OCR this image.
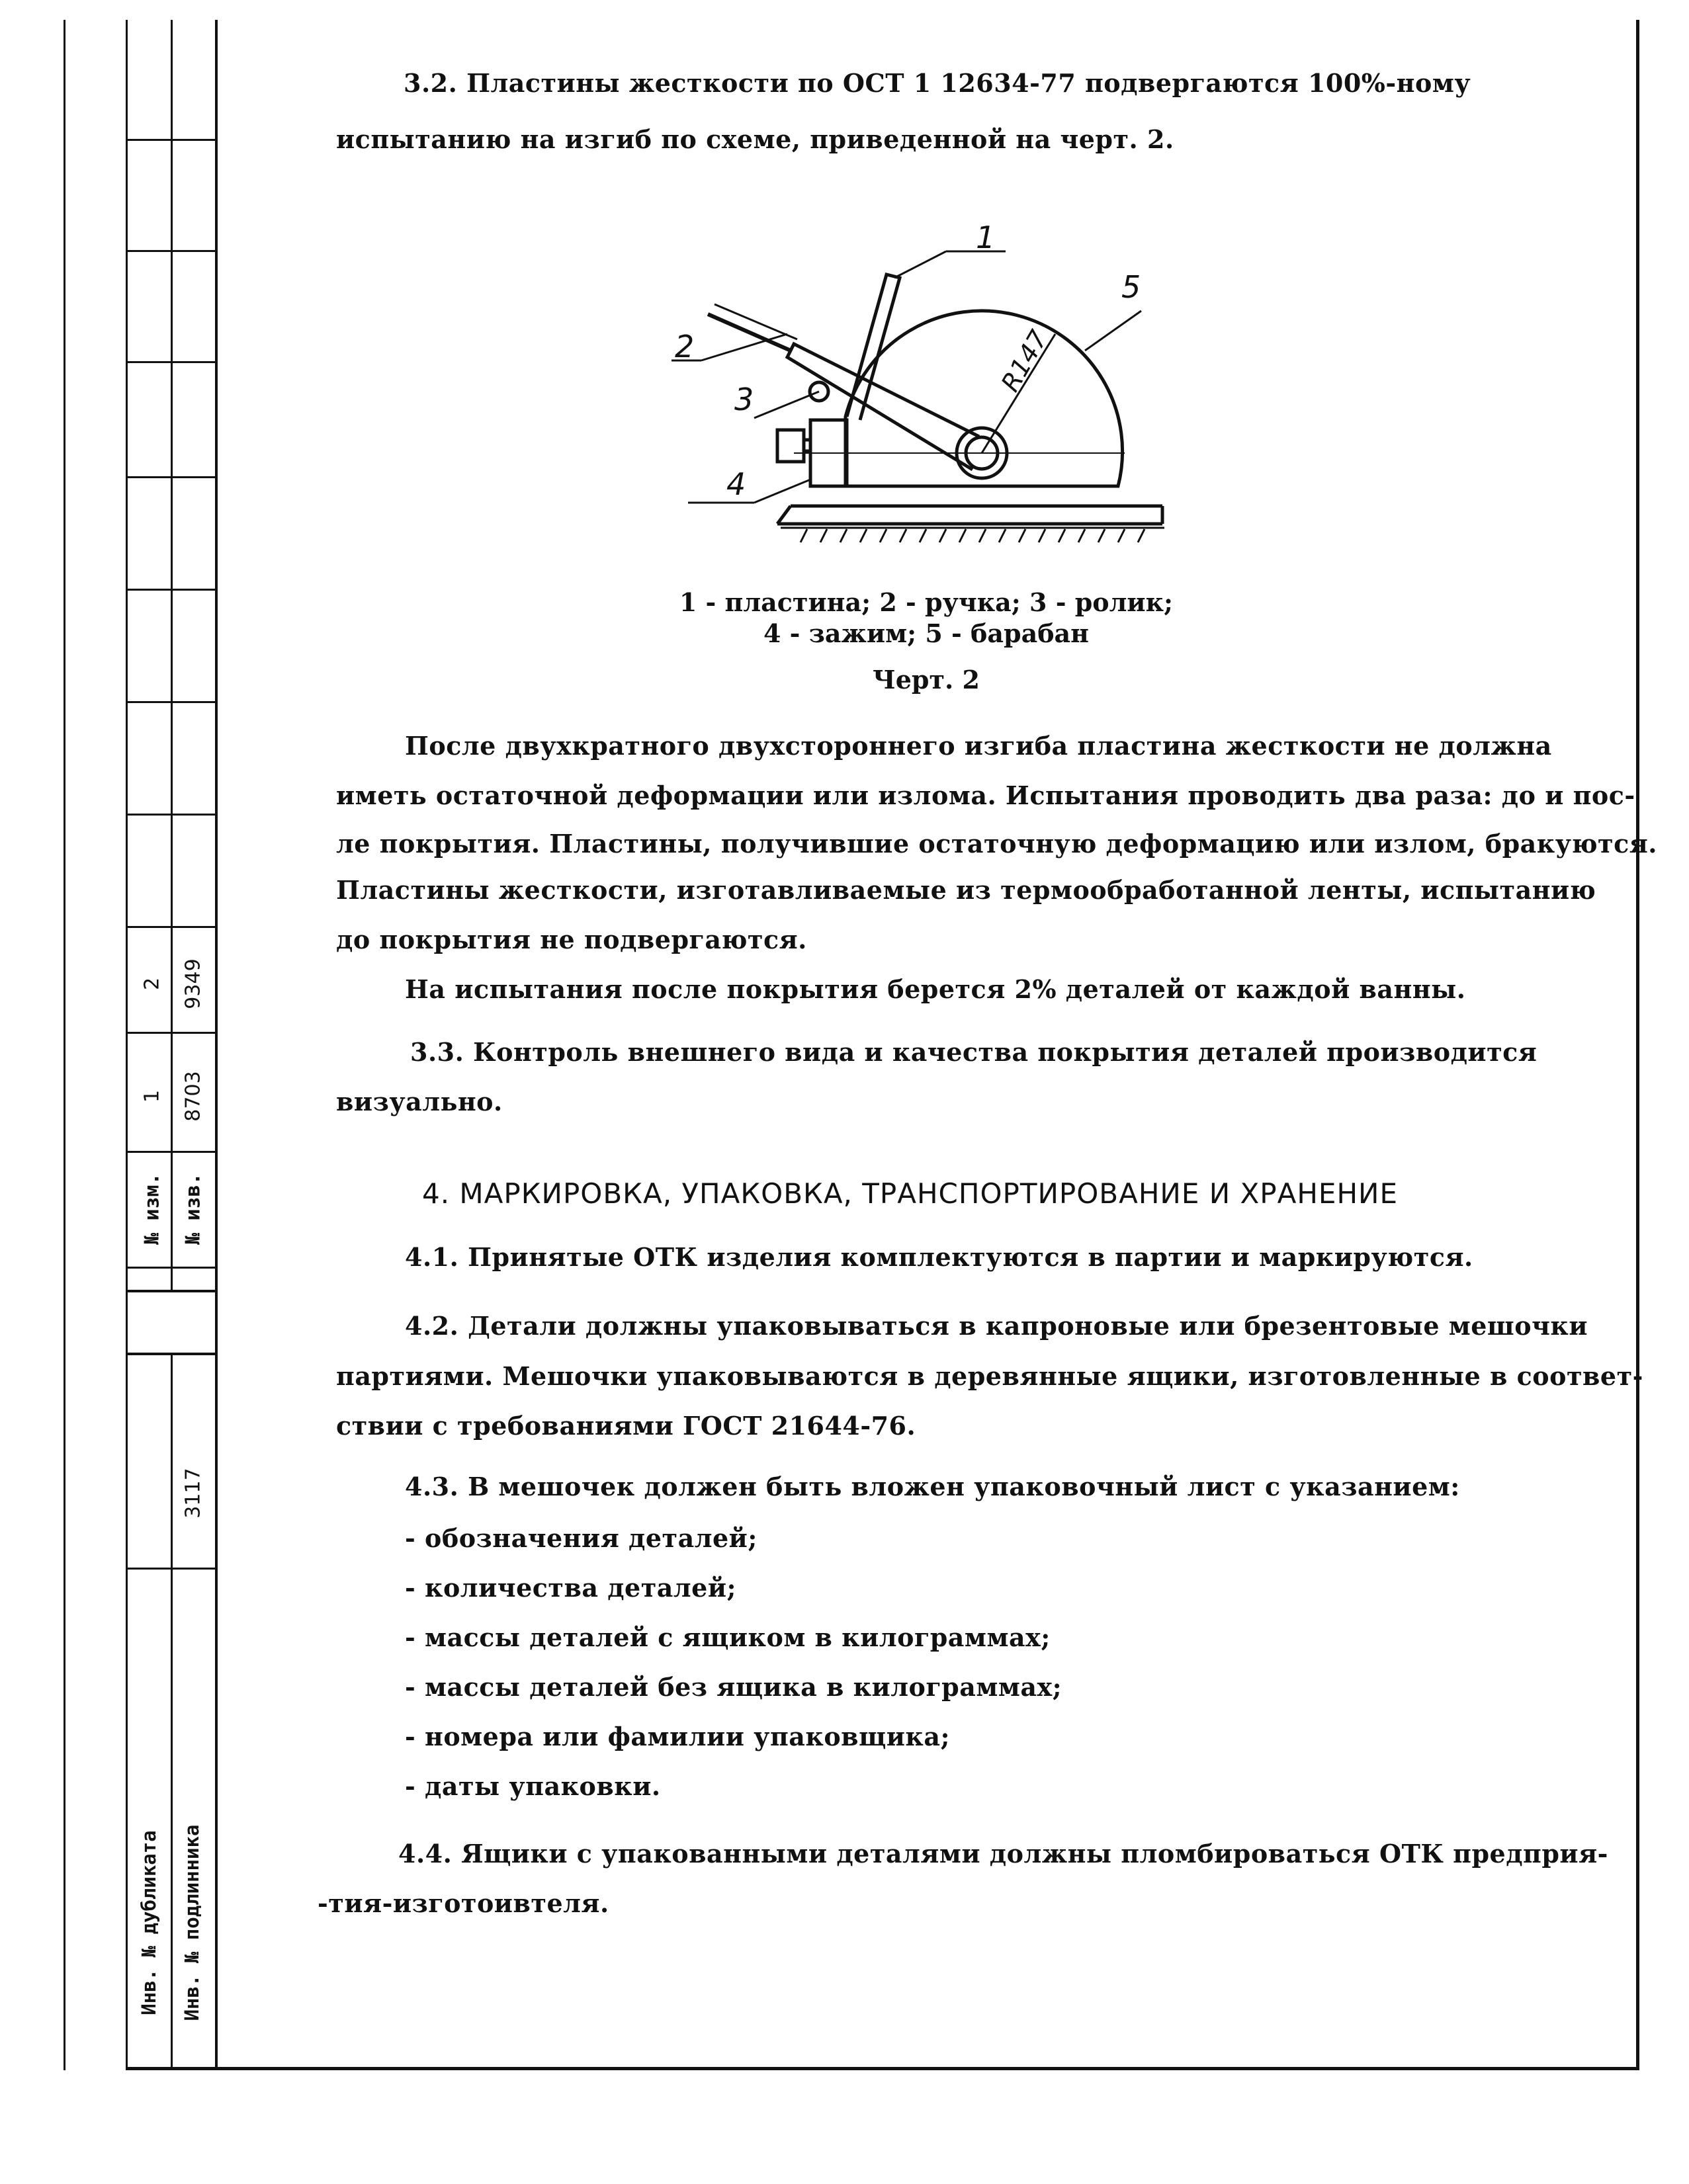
№ изм. № изв.
1
2
8703
9349
3117
Инв. № дубликата Инв. № подлинника
3.2. Пластины жесткости по ОСТ 1 12634-77 подвергаются 100%-ному
испытанию на изгиб по схеме, приведенной на черт. 2.
1
2
3
4
5
R147
1 - пластина; 2 - ручка; 3 - ролик;
4 - зажим; 5 - барабан
Черт. 2
После двухкратного двухстороннего изгиба пластина жесткости не должна
иметь остаточной деформации или излома. Испытания проводить два раза: до и пос-
ле покрытия. Пластины, получившие остаточную деформацию или излом, бракуются.
Пластины жесткости, изготавливаемые из термообработанной ленты, испытанию
до покрытия не подвергаются.
На испытания после покрытия берется 2% деталей от каждой ванны.
3.3. Контроль внешнего вида и качества покрытия деталей производится
визуально.
4. МАРКИРОВКА, УПАКОВКА, ТРАНСПОРТИРОВАНИЕ И ХРАНЕНИЕ
4.1. Принятые ОТК изделия комплектуются в партии и маркируются.
4.2. Детали должны упаковываться в капроновые или брезентовые мешочки
партиями. Мешочки упаковываются в деревянные ящики, изготовленные в соответ-
ствии с требованиями ГОСТ 21644-76.
4.3. В мешочек должен быть вложен упаковочный лист с указанием:
- обозначения деталей;
- количества деталей;
- массы деталей с ящиком в килограммах;
- массы деталей без ящика в килограммах;
- номера или фамилии упаковщика;
- даты упаковки.
4.4. Ящики с упакованными деталями должны пломбироваться ОТК предприя-
-тия-изготоивтеля.
